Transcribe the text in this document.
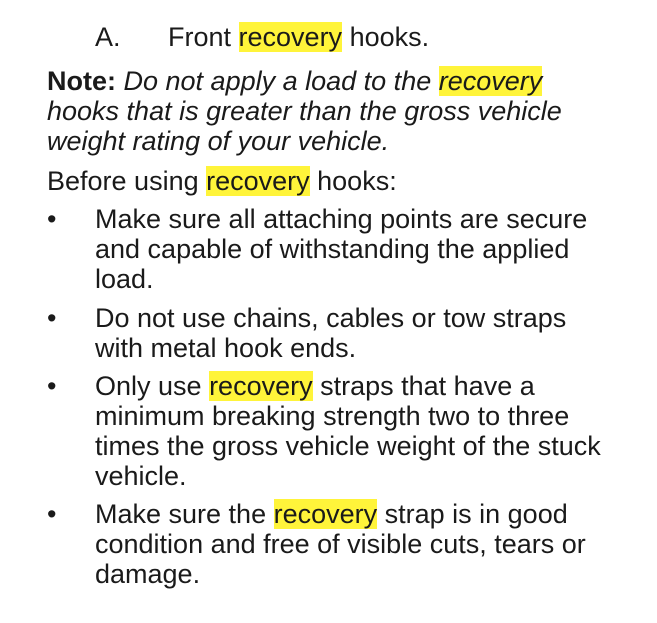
A. Front recovery hooks.
Note: Do not apply a load to the recovery hooks that is greater than the gross vehicle weight rating of your vehicle.
Before using recovery hooks:
• Make sure all attaching points are secure and capable of withstanding the applied load.
• Do not use chains, cables or tow straps with metal hook ends.
• Only use recovery straps that have a minimum breaking strength two to three times the gross vehicle weight of the stuck vehicle.
• Make sure the recovery strap is in good condition and free of visible cuts, tears or damage.
